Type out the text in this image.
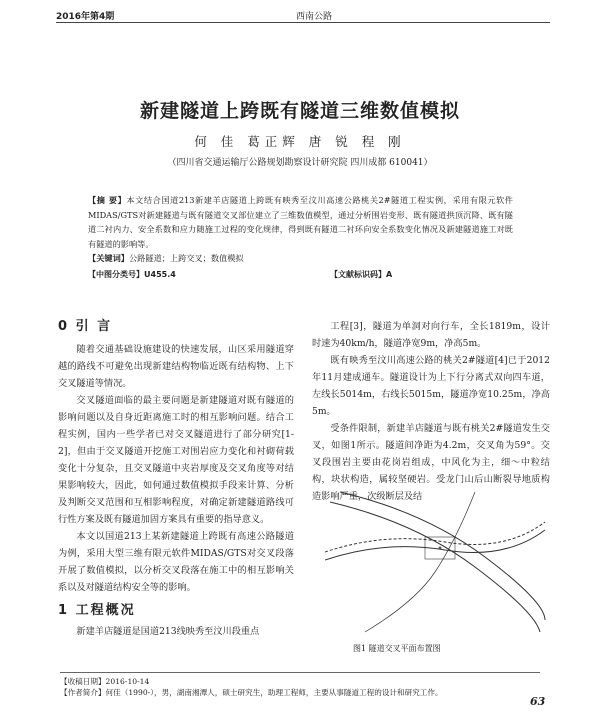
2016年第4期	西南公路
新建隧道上跨既有隧道三维数值模拟
何 佳 葛正辉 唐 锐 程 刚
（四川省交通运输厅公路规划勘察设计研究院 四川成都 610041）
【摘 要】本文结合国道213新建羊店隧道上跨既有映秀至汶川高速公路桃关2#隧道工程实例，采用有限元软件MIDAS/GTS对新建隧道与既有隧道交叉部位建立了三维数值模型，通过分析围岩变形、既有隧道拱顶沉降、既有隧道二衬内力、安全系数和应力随施工过程的变化规律，得到既有隧道二衬环向安全系数变化情况及新建隧道施工对既有隧道的影响等。
【关键词】公路隧道；上跨交叉；数值模拟
【中图分类号】U455.4	【文献标识码】A

0 引 言

随着交通基础设施建设的快速发展，山区采用隧道穿越的路线不可避免出现新建结构物临近既有结构物、上下交叉隧道等情况。

交叉隧道面临的最主要问题是新建隧道对既有隧道的影响问题以及自身近距离施工时的相互影响问题。结合工程实例，国内一些学者已对交叉隧道进行了部分研究[1-2]，但由于交叉隧道开挖施工对围岩应力变化和衬砌荷载变化十分复杂，且交叉隧道中夹岩厚度及交叉角度等对结果影响较大，因此，如何通过数值模拟手段来计算、分析及判断交叉范围和互相影响程度，对确定新建隧道路线可行性方案及既有隧道加固方案具有重要的指导意义。

本文以国道213上某新建隧道上跨既有高速公路隧道为例，采用大型三维有限元软件MIDAS/GTS对交叉段落开展了数值模拟，以分析交叉段落在施工中的相互影响关系以及对隧道结构安全等的影响。

1 工程概况

新建羊店隧道是国道213线映秀至汶川段重点

工程[3]，隧道为单洞对向行车，全长1819m，设计时速为40km/h，隧道净宽9m，净高5m。

既有映秀至汶川高速公路的桃关2#隧道[4]已于2012年11月建成通车。隧道设计为上下行分离式双向四车道，左线长5014m，右线长5015m，隧道净宽10.25m，净高5m。

受条件限制，新建羊店隧道与既有桃关2#隧道发生交叉，如图1所示。隧道间净距为4.2m，交叉角为59°。交叉段围岩主要由花岗岩组成，中风化为主，细～中粒结构，块状构造，属较坚硬岩。受龙门山后山断裂导地质构造影响严重，次级断层及结

图1 隧道交叉平面布置图
【收稿日期】2016-10-14
【作者简介】何佳（1990-），男，湖南湘潭人，硕士研究生，助理工程师，主要从事隧道工程的设计和研究工作。
63
